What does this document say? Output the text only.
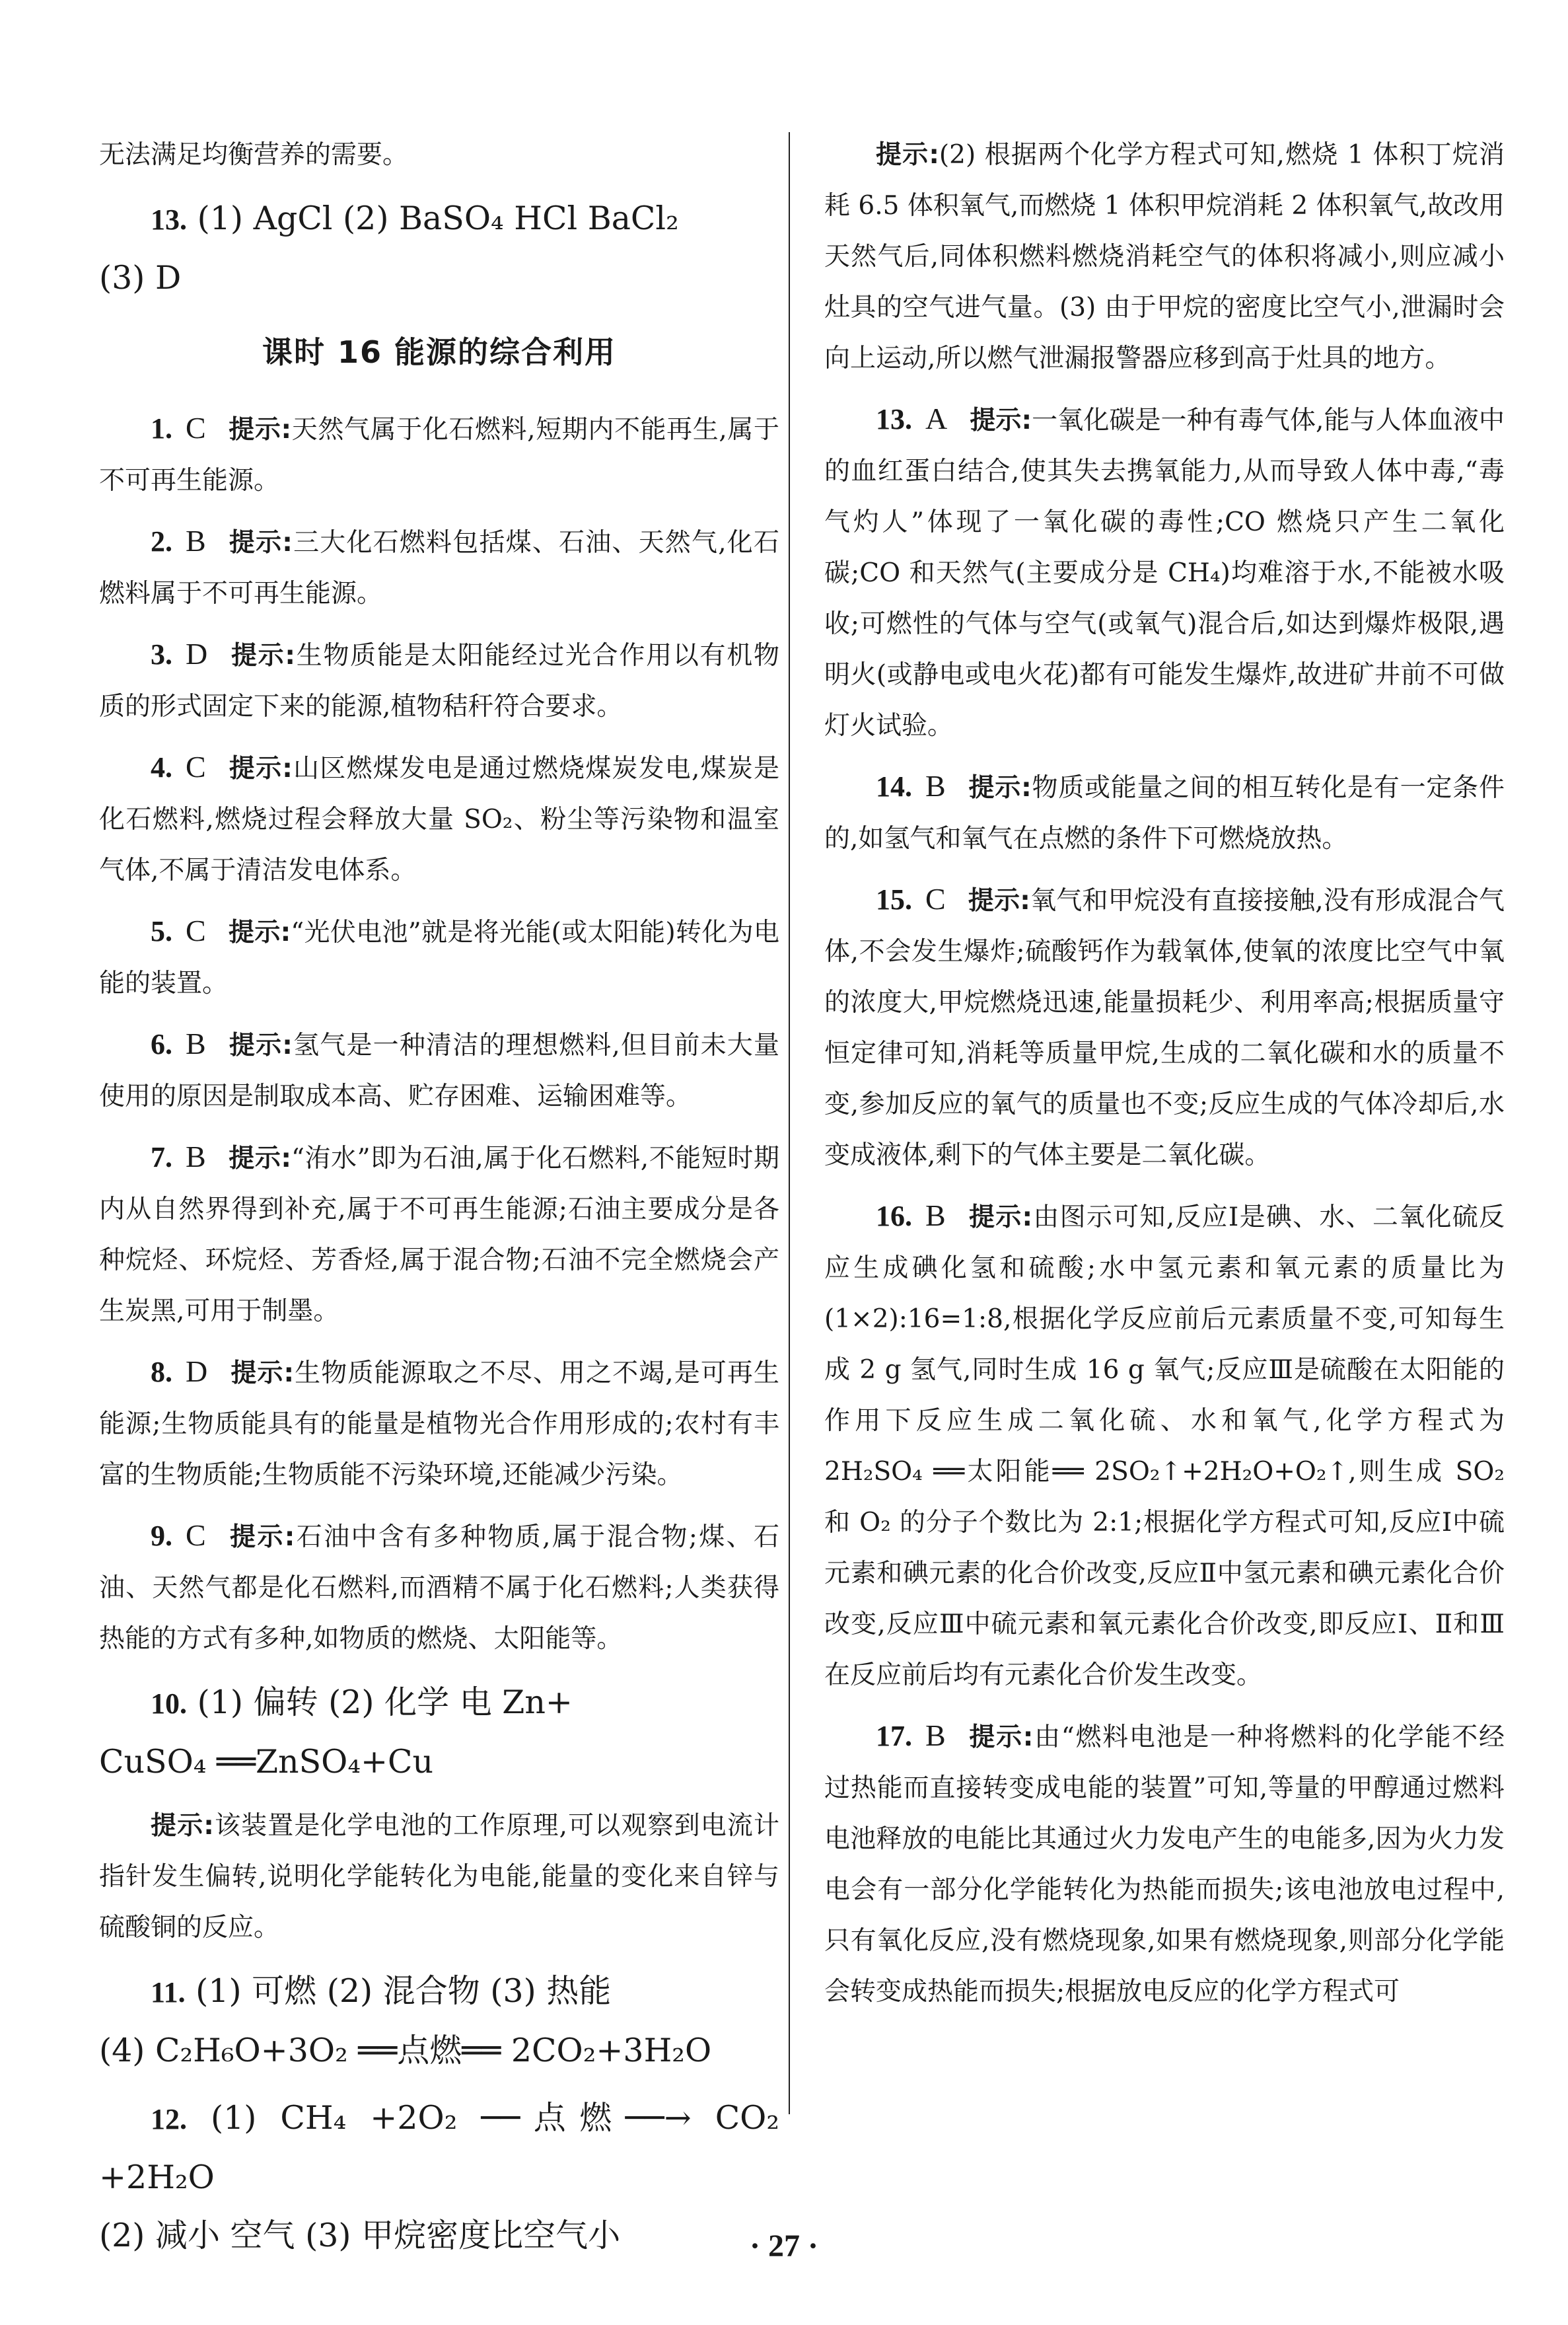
无法满足均衡营养的需要。

13. (1) AgCl (2) BaSO₄ HCl BaCl₂

(3) D

课时 16 能源的综合利用

1. C 提示:天然气属于化石燃料,短期内不能再生,属于不可再生能源。

2. B 提示:三大化石燃料包括煤、石油、天然气,化石燃料属于不可再生能源。

3. D 提示:生物质能是太阳能经过光合作用以有机物质的形式固定下来的能源,植物秸秆符合要求。

4. C 提示:山区燃煤发电是通过燃烧煤炭发电,煤炭是化石燃料,燃烧过程会释放大量 SO₂、粉尘等污染物和温室气体,不属于清洁发电体系。

5. C 提示:“光伏电池”就是将光能(或太阳能)转化为电能的装置。

6. B 提示:氢气是一种清洁的理想燃料,但目前未大量使用的原因是制取成本高、贮存困难、运输困难等。

7. B 提示:“洧水”即为石油,属于化石燃料,不能短时期内从自然界得到补充,属于不可再生能源;石油主要成分是各种烷烃、环烷烃、芳香烃,属于混合物;石油不完全燃烧会产生炭黑,可用于制墨。

8. D 提示:生物质能源取之不尽、用之不竭,是可再生能源;生物质能具有的能量是植物光合作用形成的;农村有丰富的生物质能;生物质能不污染环境,还能减少污染。

9. C 提示:石油中含有多种物质,属于混合物;煤、石油、天然气都是化石燃料,而酒精不属于化石燃料;人类获得热能的方式有多种,如物质的燃烧、太阳能等。

10. (1) 偏转 (2) 化学 电 Zn+

CuSO₄ ══ZnSO₄+Cu

提示:该装置是化学电池的工作原理,可以观察到电流计指针发生偏转,说明化学能转化为电能,能量的变化来自锌与硫酸铜的反应。

11. (1) 可燃 (2) 混合物 (3) 热能

(4) C₂H₆O+3O₂ ══点燃══ 2CO₂+3H₂O

12. (1) CH₄ +2O₂ ──点燃──→ CO₂ +2H₂O

(2) 减小 空气 (3) 甲烷密度比空气小

提示:(2) 根据两个化学方程式可知,燃烧 1 体积丁烷消耗 6.5 体积氧气,而燃烧 1 体积甲烷消耗 2 体积氧气,故改用天然气后,同体积燃料燃烧消耗空气的体积将减小,则应减小灶具的空气进气量。(3) 由于甲烷的密度比空气小,泄漏时会向上运动,所以燃气泄漏报警器应移到高于灶具的地方。

13. A 提示:一氧化碳是一种有毒气体,能与人体血液中的血红蛋白结合,使其失去携氧能力,从而导致人体中毒,“毒气灼人”体现了一氧化碳的毒性;CO 燃烧只产生二氧化碳;CO 和天然气(主要成分是 CH₄)均难溶于水,不能被水吸收;可燃性的气体与空气(或氧气)混合后,如达到爆炸极限,遇明火(或静电或电火花)都有可能发生爆炸,故进矿井前不可做灯火试验。

14. B 提示:物质或能量之间的相互转化是有一定条件的,如氢气和氧气在点燃的条件下可燃烧放热。

15. C 提示:氧气和甲烷没有直接接触,没有形成混合气体,不会发生爆炸;硫酸钙作为载氧体,使氧的浓度比空气中氧的浓度大,甲烷燃烧迅速,能量损耗少、利用率高;根据质量守恒定律可知,消耗等质量甲烷,生成的二氧化碳和水的质量不变,参加反应的氧气的质量也不变;反应生成的气体冷却后,水变成液体,剩下的气体主要是二氧化碳。

16. B 提示:由图示可知,反应Ⅰ是碘、水、二氧化硫反应生成碘化氢和硫酸;水中氢元素和氧元素的质量比为(1×2):16=1:8,根据化学反应前后元素质量不变,可知每生成 2 g 氢气,同时生成 16 g 氧气;反应Ⅲ是硫酸在太阳能的作用下反应生成二氧化硫、水和氧气,化学方程式为 2H₂SO₄ ══太阳能══ 2SO₂↑+2H₂O+O₂↑,则生成 SO₂ 和 O₂ 的分子个数比为 2:1;根据化学方程式可知,反应Ⅰ中硫元素和碘元素的化合价改变,反应Ⅱ中氢元素和碘元素化合价改变,反应Ⅲ中硫元素和氧元素化合价改变,即反应Ⅰ、Ⅱ和Ⅲ在反应前后均有元素化合价发生改变。

17. B 提示:由“燃料电池是一种将燃料的化学能不经过热能而直接转变成电能的装置”可知,等量的甲醇通过燃料电池释放的电能比其通过火力发电产生的电能多,因为火力发电会有一部分化学能转化为热能而损失;该电池放电过程中,只有氧化反应,没有燃烧现象,如果有燃烧现象,则部分化学能会转变成热能而损失;根据放电反应的化学方程式可

· 27 ·
